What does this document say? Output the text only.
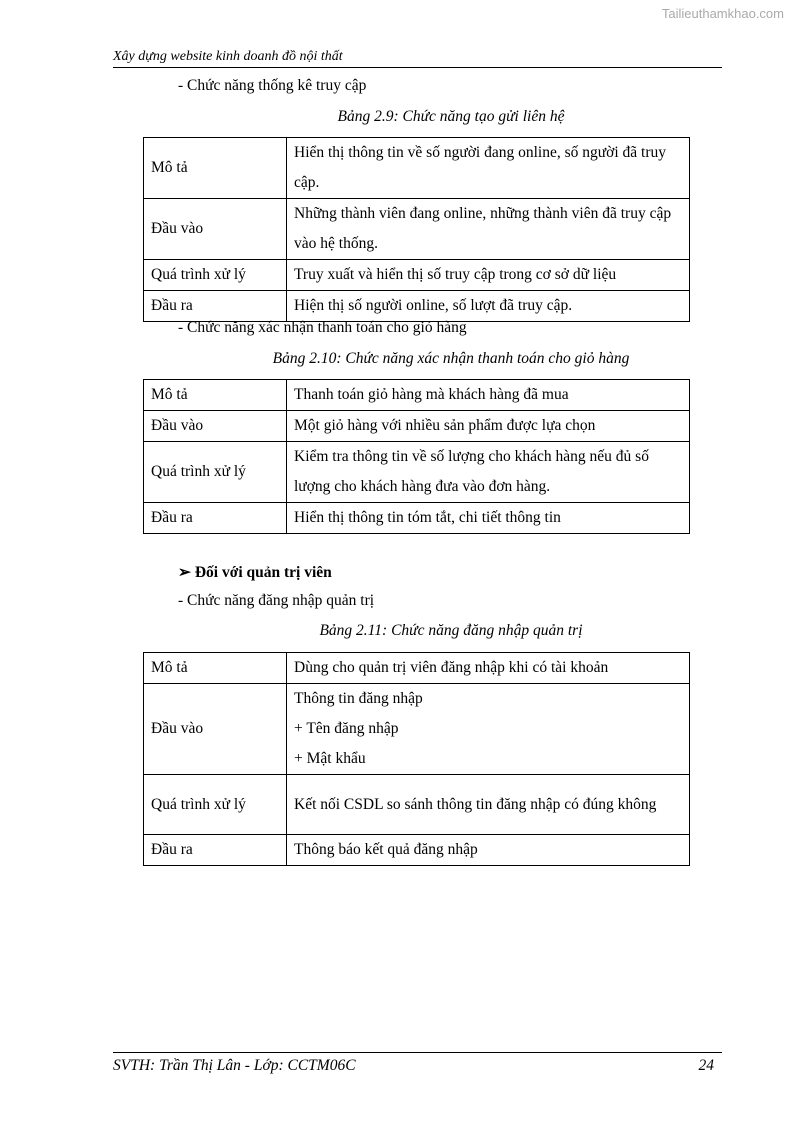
Tailieuthamkhao.com
Xây dựng website kinh doanh đồ nội thất
- Chức năng thống kê truy cập
Bảng 2.9: Chức năng tạo gửi liên hệ
Mô tả	Hiển thị thông tin về số người đang online, số người đã truy cập.
Đầu vào	Những thành viên đang online, những thành viên đã truy cập vào hệ thống.
Quá trình xử lý	Truy xuất và hiển thị số truy cập trong cơ sở dữ liệu
Đầu ra	Hiện thị số người online, số lượt đã truy cập.
- Chức năng xác nhận thanh toán cho giỏ hàng
Bảng 2.10: Chức năng xác nhận thanh toán cho giỏ hàng
Mô tả	Thanh toán giỏ hàng mà khách hàng đã mua
Đầu vào	Một giỏ hàng với nhiều sản phẩm được lựa chọn
Quá trình xử lý	Kiểm tra thông tin về số lượng cho khách hàng nếu đủ số lượng cho khách hàng đưa vào đơn hàng.
Đầu ra	Hiển thị thông tin tóm tắt, chi tiết thông tin
➢ Đối với quản trị viên
- Chức năng đăng nhập quản trị
Bảng 2.11: Chức năng đăng nhập quản trị
Mô tả	Dùng cho quản trị viên đăng nhập khi có tài khoản
Đầu vào	Thông tin đăng nhập
+ Tên đăng nhập
+ Mật khẩu

Quá trình xử lý	Kết nối CSDL so sánh thông tin đăng nhập có đúng không
Đầu ra	Thông báo kết quả đăng nhập
SVTH: Trần Thị Lân - Lớp: CCTM06C	24
